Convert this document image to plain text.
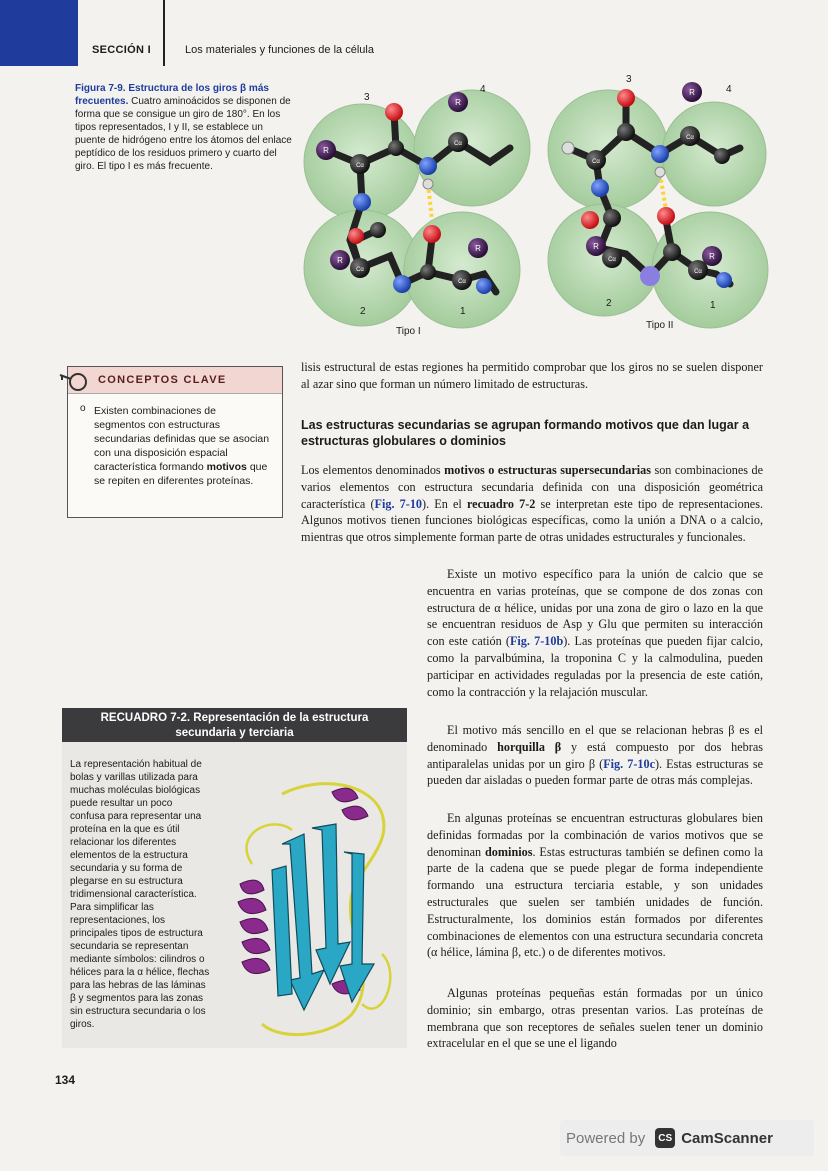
SECCIÓN I	Los materiales y funciones de la célula
Figura 7-9. Estructura de los giros β más frecuentes. Cuatro aminoácidos se disponen de forma que se consigue un giro de 180°. En los tipos representados, I y II, se establece un puente de hidrógeno entre los átomos del enlace peptídico de los residuos primero y cuarto del giro. El tipo I es más frecuente.
3
4
2	1
Tipo I
R
R
R
R
Cα
Cα
Cα
Cα
3
4
2	1
Tipo II
R
R
R
Cα
Cα
Cα
Cα
CONCEPTOS CLAVE
o Existen combinaciones de segmentos con estructuras secundarias definidas que se asocian con una disposición espacial característica formando motivos que se repiten en diferentes proteínas.
lisis estructural de estas regiones ha permitido comprobar que los giros no se suelen disponer al azar sino que forman un número limitado de estructuras.
Las estructuras secundarias se agrupan formando motivos que dan lugar a estructuras globulares o dominios
Los elementos denominados motivos o estructuras supersecundarias son combinaciones de varios elementos con estructura secundaria definida con una disposición geométrica característica (Fig. 7-10). En el recuadro 7-2 se interpretan este tipo de representaciones. Algunos motivos tienen funciones biológicas específicas, como la unión a DNA o a calcio, mientras que otros simplemente forman parte de otras unidades estructurales y funcionales.
Existe un motivo específico para la unión de calcio que se encuentra en varias proteínas, que se compone de dos zonas con estructura de α hélice, unidas por una zona de giro o lazo en la que se encuentran residuos de Asp y Glu que permiten su interacción con este catión (Fig. 7-10b). Las proteínas que pueden fijar calcio, como la parvalbúmina, la troponina C y la calmodulina, pueden participar en actividades reguladas por la presencia de este catión, como la contracción y la relajación muscular.
El motivo más sencillo en el que se relacionan hebras β es el denominado horquilla β y está compuesto por dos hebras antiparalelas unidas por un giro β (Fig. 7-10c). Estas estructuras se pueden dar aisladas o pueden formar parte de otras más complejas.
En algunas proteínas se encuentran estructuras globulares bien definidas formadas por la combinación de varios motivos que se denominan dominios. Estas estructuras también se definen como la parte de la cadena que se puede plegar de forma independiente formando una estructura terciaria estable, y son unidades estructurales que suelen ser también unidades de función. Estructuralmente, los dominios están formados por diferentes combinaciones de elementos con una estructura secundaria concreta (α hélice, lámina β, etc.) o de diferentes motivos.
Algunas proteínas pequeñas están formadas por un único dominio; sin embargo, otras presentan varios. Las proteínas de membrana que son receptores de señales suelen tener un dominio extracelular en el que se une el ligando
RECUADRO 7-2. Representación de la estructura secundaria y terciaria
La representación habitual de bolas y varillas utilizada para muchas moléculas biológicas puede resultar un poco confusa para representar una proteína en la que es útil relacionar los diferentes elementos de la estructura secundaria y su forma de plegarse en su estructura tridimensional característica. Para simplificar las representaciones, los principales tipos de estructura secundaria se representan mediante símbolos: cilindros o hélices para la α hélice, flechas para las hebras de las láminas β y segmentos para las zonas sin estructura secundaria o los giros.
134
Powered by	CS CamScanner
